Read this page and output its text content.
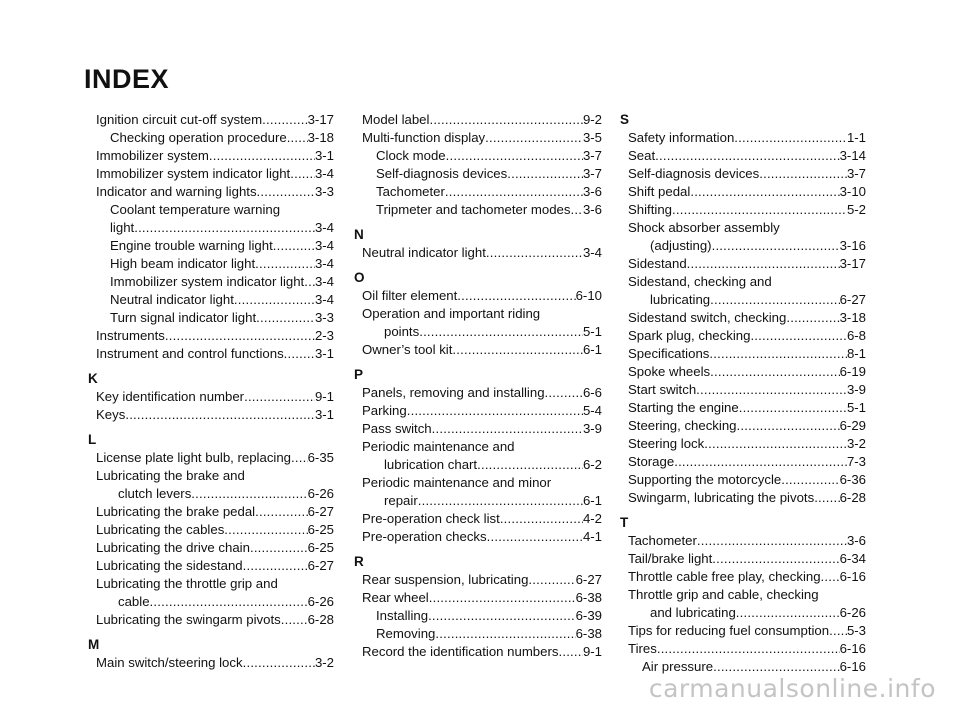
INDEX
Ignition circuit cut-off system .....	3-17
Checking operation procedure ..... 3-18
Immobilizer system .....	3-1
Immobilizer system indicator light ..... 3-4
Indicator and warning lights .....	3-3
Coolant temperature warning
light .....	3-4
Engine trouble warning light .....	3-4
High beam indicator light .....	3-4
Immobilizer system indicator light ..... 3-4
Neutral indicator light .....	3-4
Turn signal indicator light .....	3-3
Instruments .....	2-3
Instrument and control functions ..... 3-1
K
Key identification number .....	9-1
Keys .....	3-1
L
License plate light bulb, replacing ..... 6-35
Lubricating the brake and
clutch levers .....	6-26
Lubricating the brake pedal .....	6-27
Lubricating the cables .....	6-25
Lubricating the drive chain .....	6-25
Lubricating the sidestand .....	6-27
Lubricating the throttle grip and
cable .....	6-26
Lubricating the swingarm pivots ..... 6-28
M
Main switch/steering lock .....	3-2
Model label .....	9-2
Multi-function display .....	3-5
Clock mode .....	3-7
Self-diagnosis devices .....	3-7
Tachometer .....	3-6
Tripmeter and tachometer modes ..... 3-6
N
Neutral indicator light .....	3-4
O
Oil filter element .....	6-10
Operation and important riding
points .....	5-1
Owner’s tool kit .....	6-1
P
Panels, removing and installing .....	6-6
Parking .....	5-4
Pass switch .....	3-9
Periodic maintenance and
lubrication chart .....	6-2
Periodic maintenance and minor
repair .....	6-1
Pre-operation check list .....	4-2
Pre-operation checks .....	4-1
R
Rear suspension, lubricating .....	6-27
Rear wheel .....	6-38
Installing .....	6-39
Removing .....	6-38
Record the identification numbers ..... 9-1
S
Safety information .....	1-1
Seat .....	3-14
Self-diagnosis devices .....	3-7
Shift pedal .....	3-10
Shifting .....	5-2
Shock absorber assembly
(adjusting) .....	3-16
Sidestand .....	3-17
Sidestand, checking and
lubricating .....	6-27
Sidestand switch, checking .....	3-18
Spark plug, checking .....	6-8
Specifications .....	8-1
Spoke wheels .....	6-19
Start switch .....	3-9
Starting the engine .....	5-1
Steering, checking .....	6-29
Steering lock .....	3-2
Storage .....	7-3
Supporting the motorcycle .....	6-36
Swingarm, lubricating the pivots ..... 6-28
T
Tachometer .....	3-6
Tail/brake light .....	6-34
Throttle cable free play, checking ..... 6-16
Throttle grip and cable, checking
and lubricating .....	6-26
Tips for reducing fuel consumption ..... 5-3
Tires .....	6-16
Air pressure .....	6-16
carmanualsonline.info
